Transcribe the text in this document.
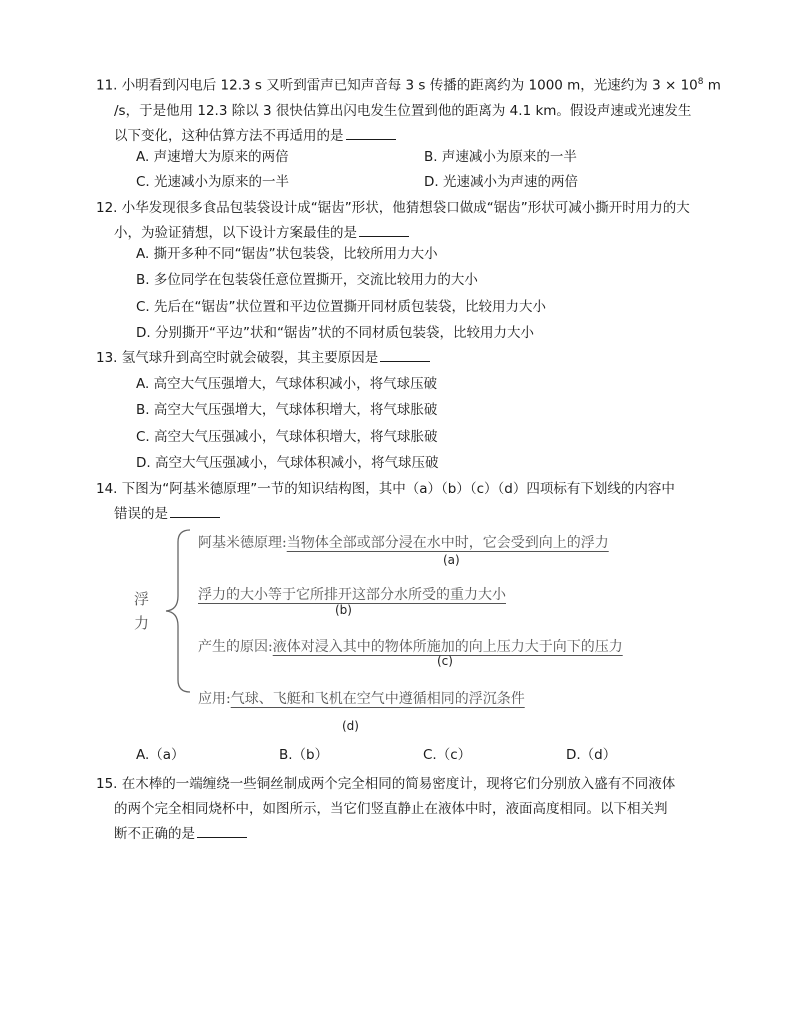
11. 小明看到闪电后 12.3 s 又听到雷声已知声音每 3 s 传播的距离约为 1000 m，光速约为 $3 \times 10^8$ m
/s，于是他用 12.3 除以 3 很快估算出闪电发生位置到他的距离为 4.1 km。假设声速或光速发生
以下变化，这种估算方法不再适用的是
A. 声速增大为原来的两倍	B. 声速减小为原来的一半
C. 光速减小为原来的一半	D. 光速减小为声速的两倍
12. 小华发现很多食品包装袋设计成“锯齿”形状，他猜想袋口做成“锯齿”形状可减小撕开时用力的大
小，为验证猜想，以下设计方案最佳的是
A. 撕开多种不同“锯齿”状包装袋，比较所用力大小
B. 多位同学在包装袋任意位置撕开，交流比较用力的大小
C. 先后在“锯齿”状位置和平边位置撕开同材质包装袋，比较用力大小
D. 分别撕开“平边”状和“锯齿”状的不同材质包装袋，比较用力大小
13. 氢气球升到高空时就会破裂，其主要原因是
A. 高空大气压强增大，气球体积减小，将气球压破
B. 高空大气压强增大，气球体积增大，将气球胀破
C. 高空大气压强减小，气球体积增大，将气球胀破
D. 高空大气压强减小，气球体积减小，将气球压破
14. 下图为“阿基米德原理”一节的知识结构图，其中（a）（b）（c）（d）四项标有下划线的内容中
错误的是
浮
力
阿基米德原理:当物体全部或部分浸在水中时，它会受到向上的浮力
(a)
浮力的大小等于它所排开这部分水所受的重力大小
(b)
产生的原因:液体对浸入其中的物体所施加的向上压力大于向下的压力
(c)
应用:气球、飞艇和飞机在空气中遵循相同的浮沉条件
(d)
A.（a）	B.（b）	C.（c）	D.（d）
15. 在木棒的一端缠绕一些铜丝制成两个完全相同的简易密度计，现将它们分别放入盛有不同液体
的两个完全相同烧杯中，如图所示，当它们竖直静止在液体中时，液面高度相同。以下相关判
断不正确的是
